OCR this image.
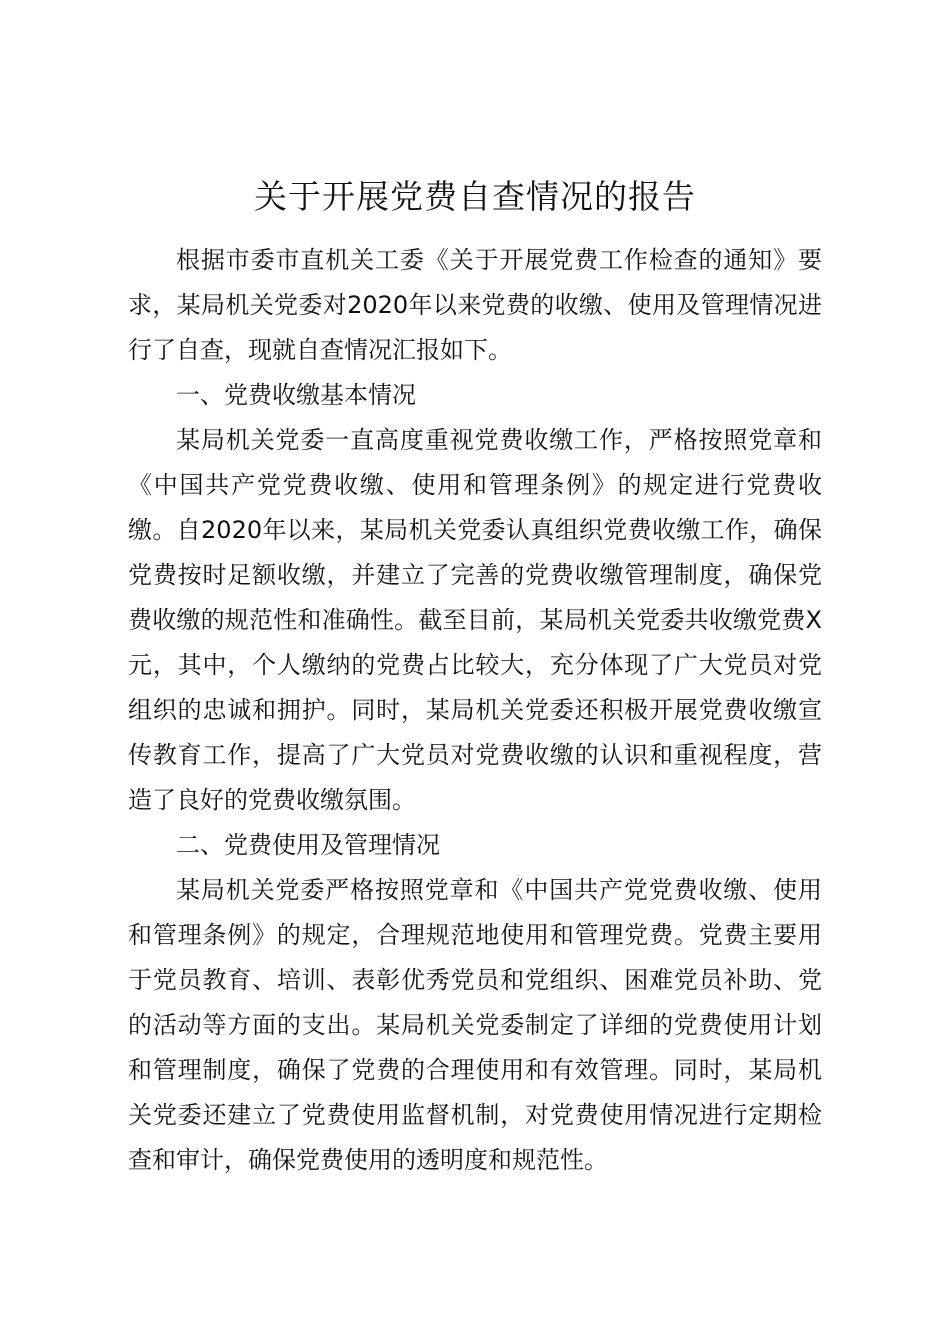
关于开展党费自查情况的报告

根据市委市直机关工委《关于开展党费工作检查的通知》要求，某局机关党委对2020年以来党费的收缴、使用及管理情况进行了自查，现就自查情况汇报如下。

一、党费收缴基本情况

某局机关党委一直高度重视党费收缴工作，严格按照党章和《中国共产党党费收缴、使用和管理条例》的规定进行党费收缴。自2020年以来，某局机关党委认真组织党费收缴工作，确保党费按时足额收缴，并建立了完善的党费收缴管理制度，确保党费收缴的规范性和准确性。截至目前，某局机关党委共收缴党费X元，其中，个人缴纳的党费占比较大，充分体现了广大党员对党组织的忠诚和拥护。同时，某局机关党委还积极开展党费收缴宣传教育工作，提高了广大党员对党费收缴的认识和重视程度，营造了良好的党费收缴氛围。

二、党费使用及管理情况

某局机关党委严格按照党章和《中国共产党党费收缴、使用和管理条例》的规定，合理规范地使用和管理党费。党费主要用于党员教育、培训、表彰优秀党员和党组织、困难党员补助、党的活动等方面的支出。某局机关党委制定了详细的党费使用计划和管理制度，确保了党费的合理使用和有效管理。同时，某局机关党委还建立了党费使用监督机制，对党费使用情况进行定期检查和审计，确保党费使用的透明度和规范性。
